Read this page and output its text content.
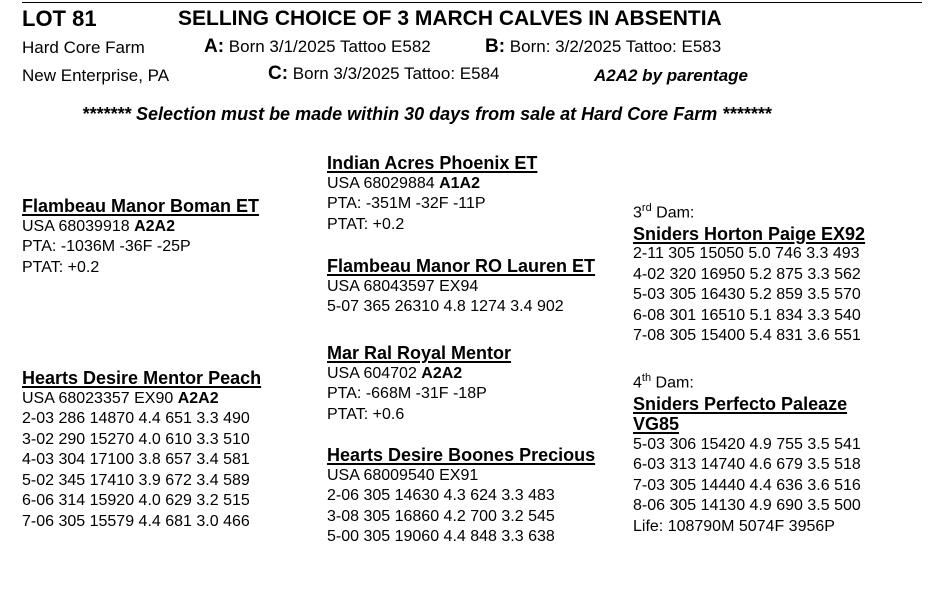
LOT 81	SELLING CHOICE OF 3 MARCH CALVES IN ABSENTIA
Hard Core Farm	A: Born 3/1/2025 Tattoo E582	B: Born: 3/2/2025 Tattoo: E583
New Enterprise, PA	C: Born 3/3/2025 Tattoo: E584	A2A2 by parentage
******* Selection must be made within 30 days from sale at Hard Core Farm *******
Flambeau Manor Boman ET
USA 68039918 A2A2
PTA: -1036M -36F -25P
PTAT: +0.2
Hearts Desire Mentor Peach
USA 68023357 EX90 A2A2
2-03 286 14870 4.4 651 3.3 490
3-02 290 15270 4.0 610 3.3 510
4-03 304 17100 3.8 657 3.4 581
5-02 345 17410 3.9 672 3.4 589
6-06 314 15920 4.0 629 3.2 515
7-06 305 15579 4.4 681 3.0 466
Indian Acres Phoenix ET
USA 68029884 A1A2
PTA: -351M -32F -11P
PTAT: +0.2
Flambeau Manor RO Lauren ET
USA 68043597 EX94
5-07 365 26310 4.8 1274 3.4 902
Mar Ral Royal Mentor
USA 604702 A2A2
PTA: -668M -31F -18P
PTAT: +0.6
Hearts Desire Boones Precious
USA 68009540 EX91
2-06 305 14630 4.3 624 3.3 483
3-08 305 16860 4.2 700 3.2 545
5-00 305 19060 4.4 848 3.3 638
3rd Dam:
Sniders Horton Paige EX92
2-11 305 15050 5.0 746 3.3 493
4-02 320 16950 5.2 875 3.3 562
5-03 305 16430 5.2 859 3.5 570
6-08 301 16510 5.1 834 3.3 540
7-08 305 15400 5.4 831 3.6 551
4th Dam:
Sniders Perfecto Paleaze
VG85
5-03 306 15420 4.9 755 3.5 541
6-03 313 14740 4.6 679 3.5 518
7-03 305 14440 4.4 636 3.6 516
8-06 305 14130 4.9 690 3.5 500
Life: 108790M 5074F 3956P
